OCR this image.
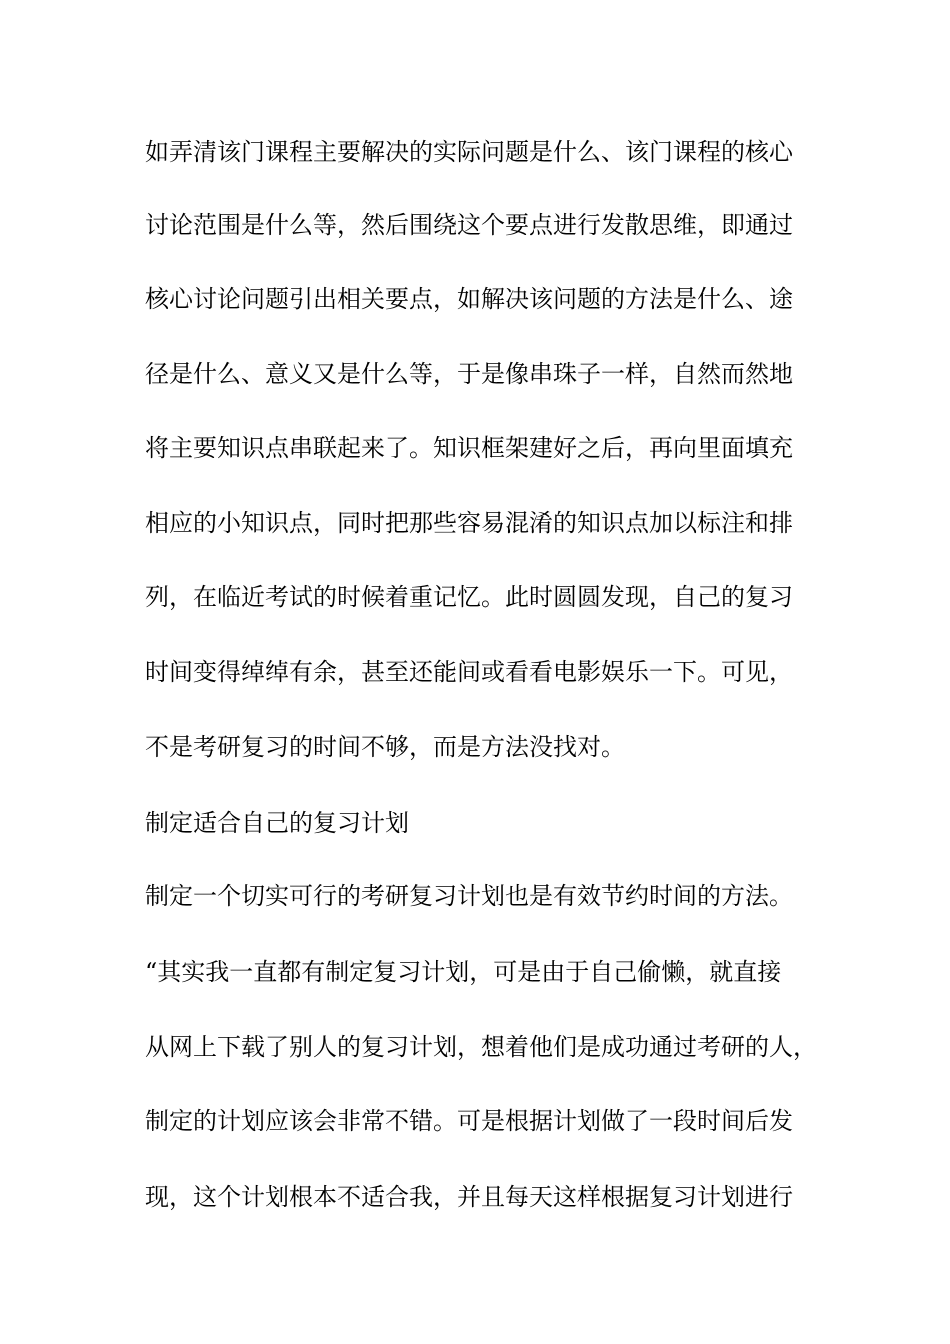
如弄清该门课程主要解决的实际问题是什么、该门课程的核心
讨论范围是什么等，然后围绕这个要点进行发散思维，即通过
核心讨论问题引出相关要点，如解决该问题的方法是什么、途
径是什么、意义又是什么等，于是像串珠子一样，自然而然地
将主要知识点串联起来了。知识框架建好之后，再向里面填充
相应的小知识点，同时把那些容易混淆的知识点加以标注和排
列，在临近考试的时候着重记忆。此时圆圆发现，自己的复习
时间变得绰绰有余，甚至还能间或看看电影娱乐一下。可见，
不是考研复习的时间不够，而是方法没找对。
制定适合自己的复习计划
制定一个切实可行的考研复习计划也是有效节约时间的方法。
“其实我一直都有制定复习计划，可是由于自己偷懒，就直接
从网上下载了别人的复习计划，想着他们是成功通过考研的人，
制定的计划应该会非常不错。可是根据计划做了一段时间后发
现，这个计划根本不适合我，并且每天这样根据复习计划进行
